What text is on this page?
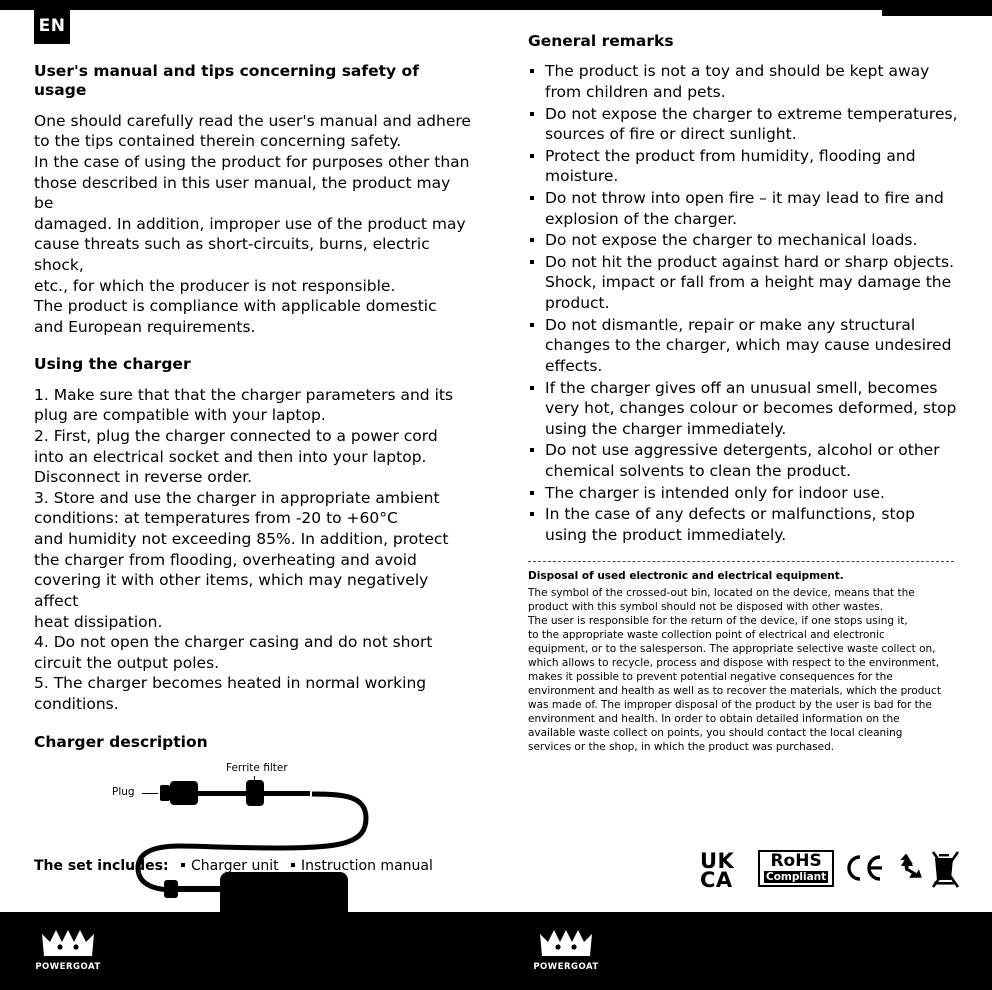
EN
User's manual and tips concerning safety of usage
One should carefully read the user's manual and adhere
to the tips contained therein concerning safety.
In the case of using the product for purposes other than
those described in this user manual, the product may be
damaged. In addition, improper use of the product may
cause threats such as short-circuits, burns, electric shock,
etc., for which the producer is not responsible.
The product is compliance with applicable domestic
and European requirements.
Using the charger
1. Make sure that that the charger parameters and its
plug are compatible with your laptop.
2. First, plug the charger connected to a power cord
into an electrical socket and then into your laptop.
Disconnect in reverse order.
3. Store and use the charger in appropriate ambient
conditions: at temperatures from -20 to +60°C
and humidity not exceeding 85%. In addition, protect
the charger from flooding, overheating and avoid
covering it with other items, which may negatively affect
heat dissipation.
4. Do not open the charger casing and do not short
circuit the output poles.
5. The charger becomes heated in normal working
conditions.
Charger description
Ferrite filter
Plug
The set includes: Charger unit Instruction manual
General remarks
The product is not a toy and should be kept away from children and pets.
Do not expose the charger to extreme temperatures, sources of fire or direct sunlight.
Protect the product from humidity, flooding and moisture.
Do not throw into open fire – it may lead to fire and explosion of the charger.
Do not expose the charger to mechanical loads.
Do not hit the product against hard or sharp objects. Shock, impact or fall from a height may damage the product.
Do not dismantle, repair or make any structural changes to the charger, which may cause undesired effects.
If the charger gives off an unusual smell, becomes very hot, changes colour or becomes deformed, stop using the charger immediately.
Do not use aggressive detergents, alcohol or other chemical solvents to clean the product.
The charger is intended only for indoor use.
In the case of any defects or malfunctions, stop using the product immediately.
Disposal of used electronic and electrical equipment.
The symbol of the crossed-out bin, located on the device, means that the
product with this symbol should not be disposed with other wastes.
The user is responsible for the return of the device, if one stops using it,
to the appropriate waste collection point of electrical and electronic
equipment, or to the salesperson. The appropriate selective waste collect on,
which allows to recycle, process and dispose with respect to the environment,
makes it possible to prevent potential negative consequences for the
environment and health as well as to recover the materials, which the product
was made of. The improper disposal of the product by the user is bad for the
environment and health. In order to obtain detailed information on the
available waste collect on points, you should contact the local cleaning
services or the shop, in which the product was purchased.
UK
CA
RoHS
Compliant
POWERGOAT	POWERGOAT
